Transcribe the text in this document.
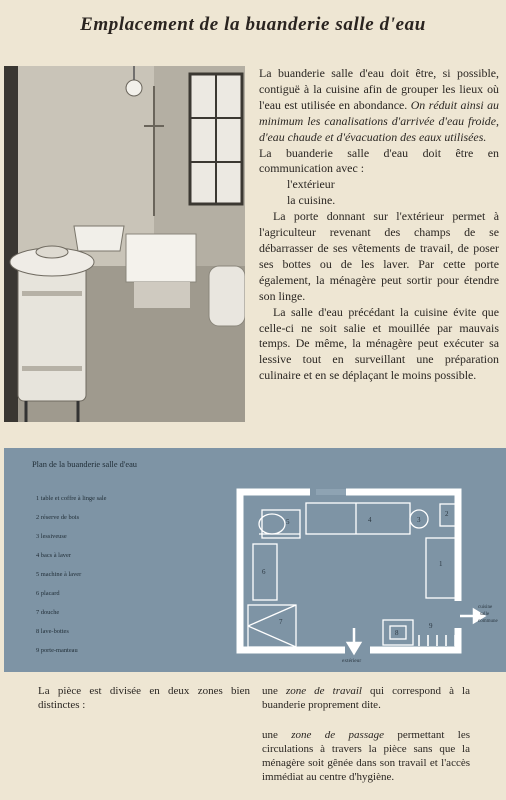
Emplacement de la buanderie salle d'eau

La buanderie salle d'eau doit être, si possible, contiguë à la cuisine afin de grouper les lieux où l'eau est utilisée en abondance. On réduit ainsi au minimum les canalisations d'arrivée d'eau froide, d'eau chaude et d'évacuation des eaux utilisées.

La buanderie salle d'eau doit être en communication avec :

l'extérieur

la cuisine.

La porte donnant sur l'extérieur permet à l'agriculteur revenant des champs de se débarrasser de ses vêtements de travail, de poser ses bottes ou de les laver. Par cette porte également, la ménagère peut sortir pour étendre son linge.

La salle d'eau précédant la cuisine évite que celle-ci ne soit salie et mouillée par mauvais temps. De même, la ménagère peut exécuter sa lessive tout en surveillant une préparation culinaire et en se déplaçant le moins possible.

5	4	3
2
1
6
7
8
9
extérieur
cuisine
salle
commune
Plan de la buanderie salle d'eau
1 table et coffre à linge sale
2 réserve de bois
3 lessiveuse
4 bacs à laver
5 machine à laver
6 placard
7 douche
8 lave-bottes
9 porte-manteau

La pièce est divisée en deux zones bien distinctes :

une zone de travail qui correspond à la buanderie proprement dite.

une zone de passage permettant les circulations à travers la pièce sans que la ménagère soit gênée dans son travail et l'accès immédiat au centre d'hygiène.
